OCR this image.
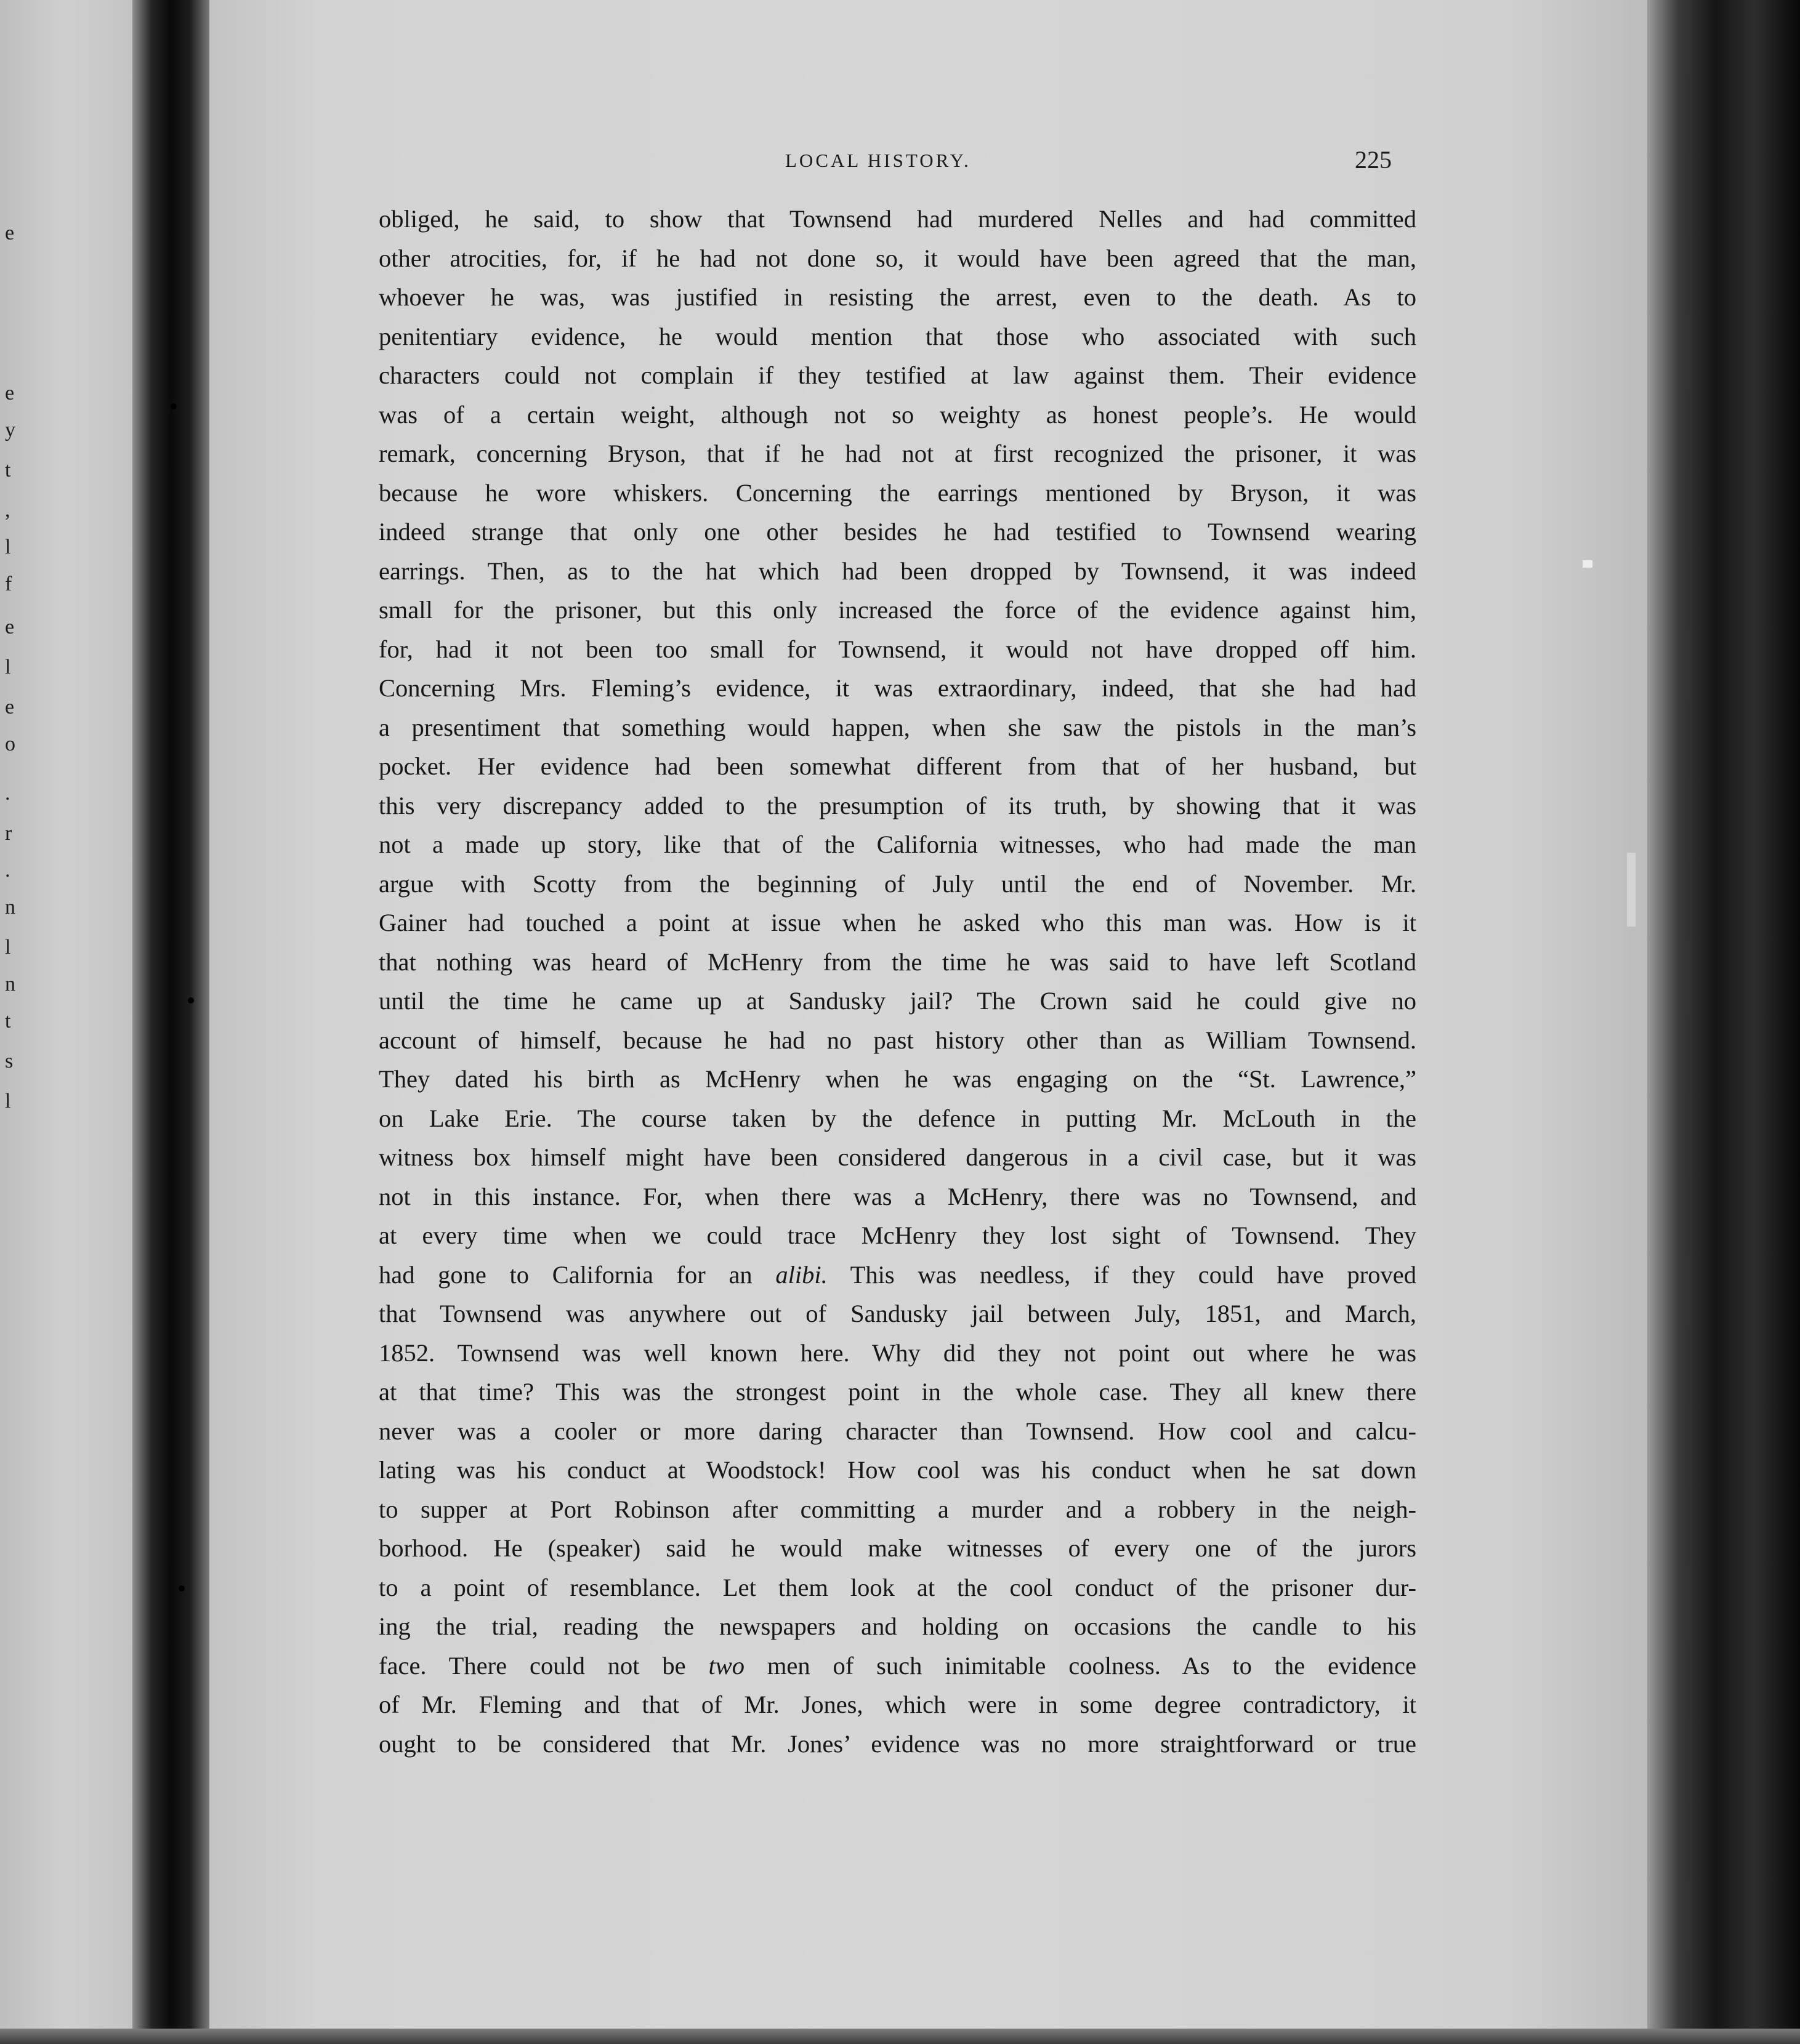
e
e
y
t
,
l
f
e
l
e
o
.
r
.
n
l
n
t
s
l
LOCAL HISTORY.	225
obliged, he said, to show that Townsend had murdered Nelles and had committed
other atrocities, for, if he had not done so, it would have been agreed that the man,
whoever he was, was justified in resisting the arrest, even to the death. As to
penitentiary evidence, he would mention that those who associated with such
characters could not complain if they testified at law against them. Their evidence
was of a certain weight, although not so weighty as honest people’s. He would
remark, concerning Bryson, that if he had not at first recognized the prisoner, it was
because he wore whiskers. Concerning the earrings mentioned by Bryson, it was
indeed strange that only one other besides he had testified to Townsend wearing
earrings. Then, as to the hat which had been dropped by Townsend, it was indeed
small for the prisoner, but this only increased the force of the evidence against him,
for, had it not been too small for Townsend, it would not have dropped off him.
Concerning Mrs. Fleming’s evidence, it was extraordinary, indeed, that she had had
a presentiment that something would happen, when she saw the pistols in the man’s
pocket. Her evidence had been somewhat different from that of her husband, but
this very discrepancy added to the presumption of its truth, by showing that it was
not a made up story, like that of the California witnesses, who had made the man
argue with Scotty from the beginning of July until the end of November. Mr.
Gainer had touched a point at issue when he asked who this man was. How is it
that nothing was heard of McHenry from the time he was said to have left Scotland
until the time he came up at Sandusky jail? The Crown said he could give no
account of himself, because he had no past history other than as William Townsend.
They dated his birth as McHenry when he was engaging on the “St. Lawrence,”
on Lake Erie. The course taken by the defence in putting Mr. McLouth in the
witness box himself might have been considered dangerous in a civil case, but it was
not in this instance. For, when there was a McHenry, there was no Townsend, and
at every time when we could trace McHenry they lost sight of Townsend. They
had gone to California for an alibi. This was needless, if they could have proved
that Townsend was anywhere out of Sandusky jail between July, 1851, and March,
1852. Townsend was well known here. Why did they not point out where he was
at that time? This was the strongest point in the whole case. They all knew there
never was a cooler or more daring character than Townsend. How cool and calcu-
lating was his conduct at Woodstock! How cool was his conduct when he sat down
to supper at Port Robinson after committing a murder and a robbery in the neigh-
borhood. He (speaker) said he would make witnesses of every one of the jurors
to a point of resemblance. Let them look at the cool conduct of the prisoner dur-
ing the trial, reading the newspapers and holding on occasions the candle to his
face. There could not be two men of such inimitable coolness. As to the evidence
of Mr. Fleming and that of Mr. Jones, which were in some degree contradictory, it
ought to be considered that Mr. Jones’ evidence was no more straightforward or true
